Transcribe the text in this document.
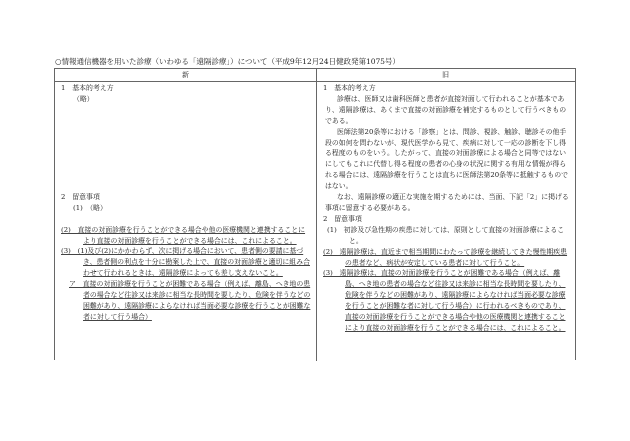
○情報通信機器を用いた診療（いわゆる「遠隔診療」）について（平成9年12月24日健政発第1075号）
新	旧

1　基本的考え方

（略）

2　留意事項

(1)　（略）

(2)　直接の対面診療を行うことができる場合や他の医療機関と連携することにより直接の対面診療を行うことができる場合には、これによること。

(3)　(1)及び(2)にかかわらず、次に掲げる場合において、患者側の要請に基づき、患者側の利点を十分に勘案した上で、直接の対面診療と適切に組み合わせて行われるときは、遠隔診療によっても差し支えないこと。

ア　直接の対面診療を行うことが困難である場合（例えば、離島、へき地の患者の場合など往診又は来診に相当な長時間を要したり、危険を伴うなどの困難があり、遠隔診療によらなければ当面必要な診療を行うことが困難な者に対して行う場合）

1　基本的考え方

診療は、医師又は歯科医師と患者が直接対面して行われることが基本であり、遠隔診療は、あくまで直接の対面診療を補完するものとして行うべきものである。

医師法第20条等における「診察」とは、問診、視診、触診、聴診その他手段の如何を問わないが、現代医学から見て、疾病に対して一応の診断を下し得る程度のものをいう。したがって、直接の対面診療による場合と同等ではないにしてもこれに代替し得る程度の患者の心身の状況に関する有用な情報が得られる場合には、遠隔診療を行うことは直ちに医師法第20条等に抵触するものではない。

なお、遠隔診療の適正な実施を期するためには、当面、下記「2」に掲げる事項に留意する必要がある。

2　留意事項

(1)　初診及び急性期の疾患に対しては、原則として直接の対面診療によること。

(2)　遠隔診療は、直近まで相当期間にわたって診療を継続してきた慢性期疾患の患者など、病状が安定している患者に対して行うこと。

(3)　遠隔診療は、直接の対面診療を行うことが困難である場合（例えば、離島、へき地の患者の場合など往診又は来診に相当な長時間を要したり、危険を伴うなどの困難があり、遠隔診療によらなければ当面必要な診療を行うことが困難な者に対して行う場合）に行われるべきものであり、直接の対面診療を行うことができる場合や他の医療機関と連携することにより直接の対面診療を行うことができる場合には、これによること。
